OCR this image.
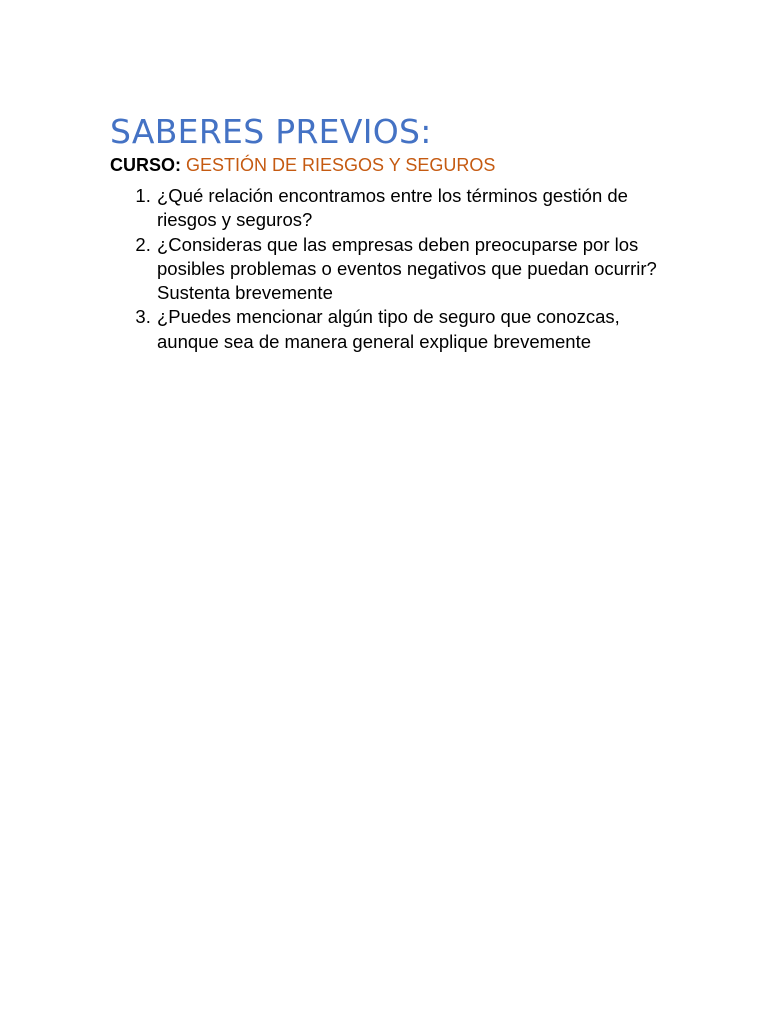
SABERES PREVIOS:

CURSO: GESTIÓN DE RIESGOS Y SEGUROS

1. ¿Qué relación encontramos entre los términos gestión de riesgos y seguros?
2. ¿Consideras que las empresas deben preocuparse por los posibles problemas o eventos negativos que puedan ocurrir? Sustenta brevemente
3. ¿Puedes mencionar algún tipo de seguro que conozcas, aunque sea de manera general explique brevemente
